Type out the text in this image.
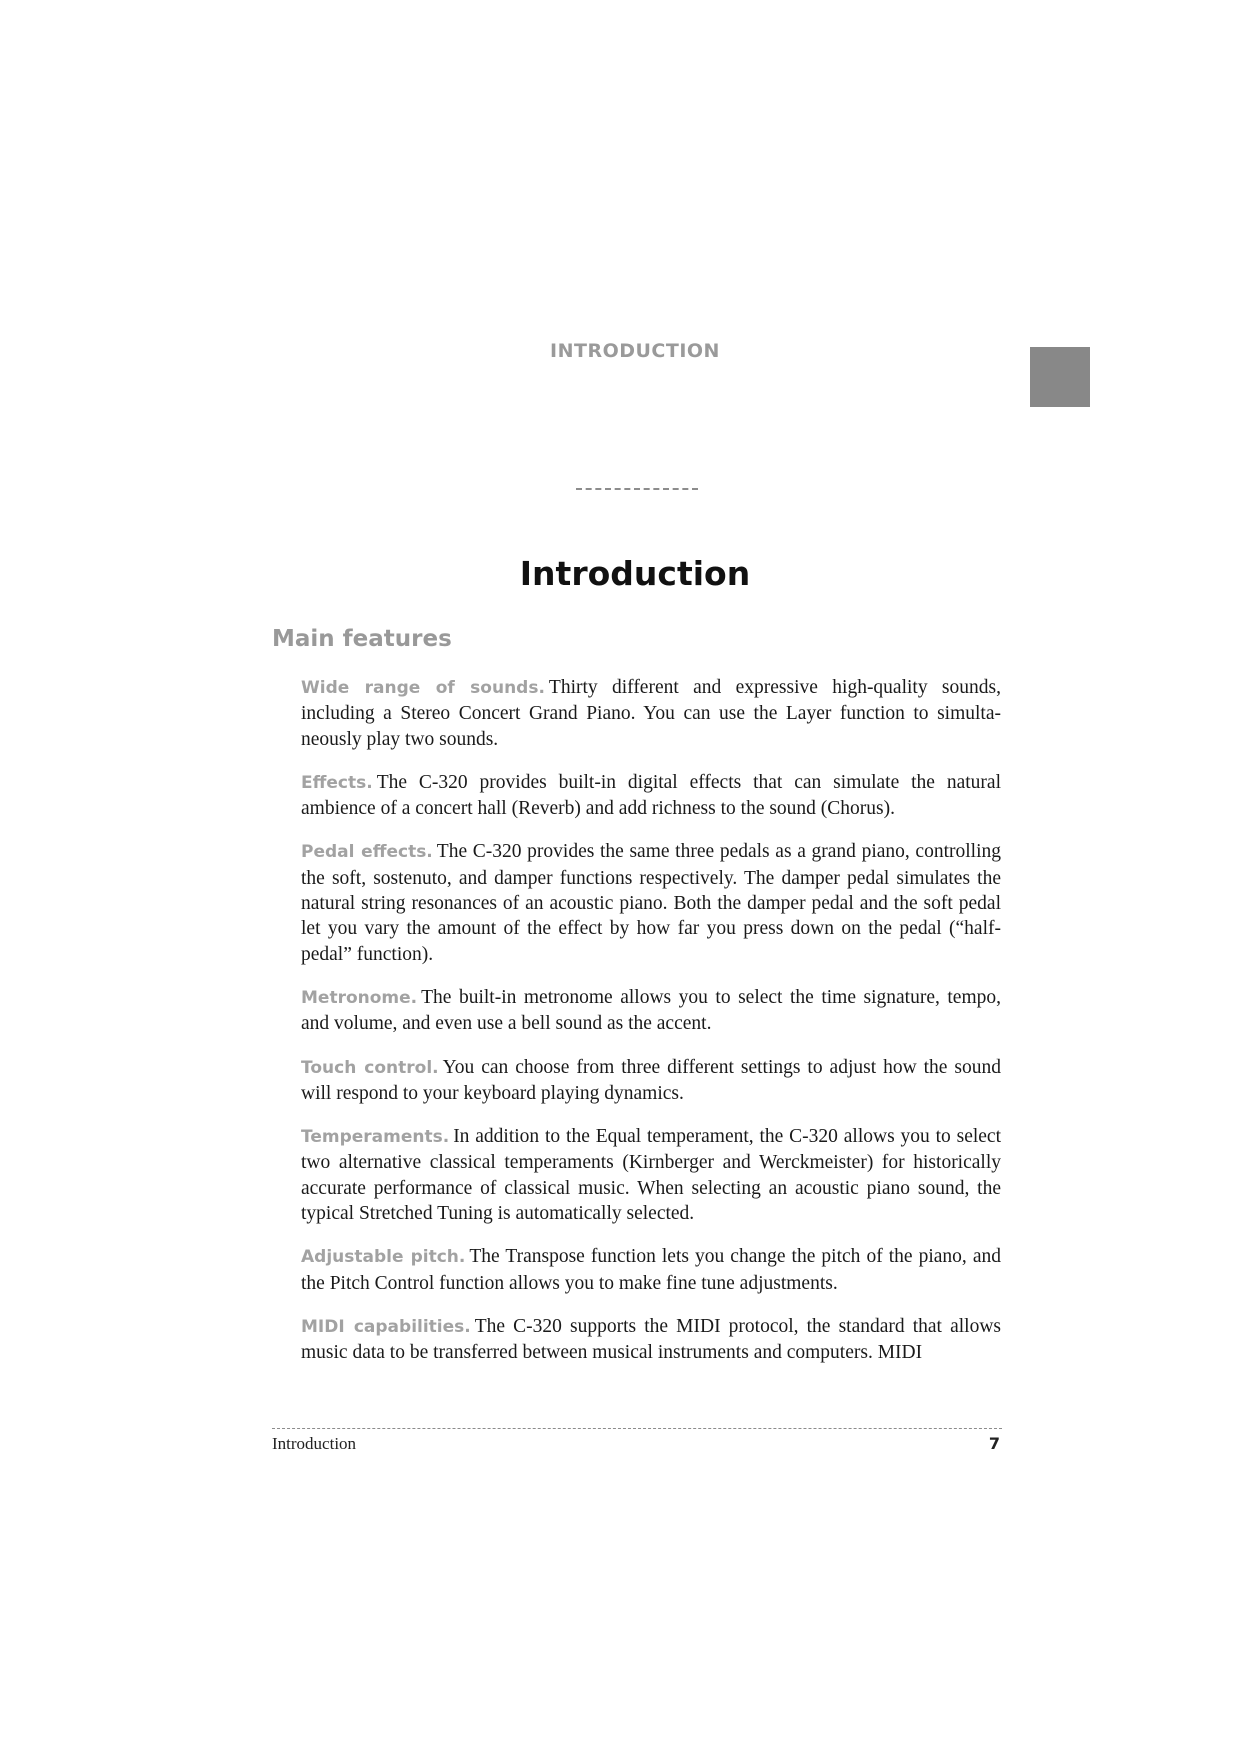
INTRODUCTION
Introduction
Main features

Wide range of sounds. Thirty different and expressive high-quality sounds, including a Stereo Concert Grand Piano. You can use the Layer function to simultaneously play two sounds.

Effects. The C-320 provides built-in digital effects that can simulate the natural ambience of a concert hall (Reverb) and add richness to the sound (Chorus).

Pedal effects. The C-320 provides the same three pedals as a grand piano, controlling the soft, sostenuto, and damper functions respectively. The damper pedal simulates the natural string resonances of an acoustic piano. Both the damper pedal and the soft pedal let you vary the amount of the effect by how far you press down on the pedal (“half-pedal” function).

Metronome. The built-in metronome allows you to select the time signature, tempo, and volume, and even use a bell sound as the accent.

Touch control. You can choose from three different settings to adjust how the sound will respond to your keyboard playing dynamics.

Temperaments. In addition to the Equal temperament, the C-320 allows you to select two alternative classical temperaments (Kirnberger and Werckmeister) for historically accurate performance of classical music. When selecting an acoustic piano sound, the typical Stretched Tuning is automatically selected.

Adjustable pitch. The Transpose function lets you change the pitch of the piano, and the Pitch Control function allows you to make fine tune adjustments.

MIDI capabilities. The C-320 supports the MIDI protocol, the standard that allows music data to be transferred between musical instruments and computers. MIDI

Introduction	7
